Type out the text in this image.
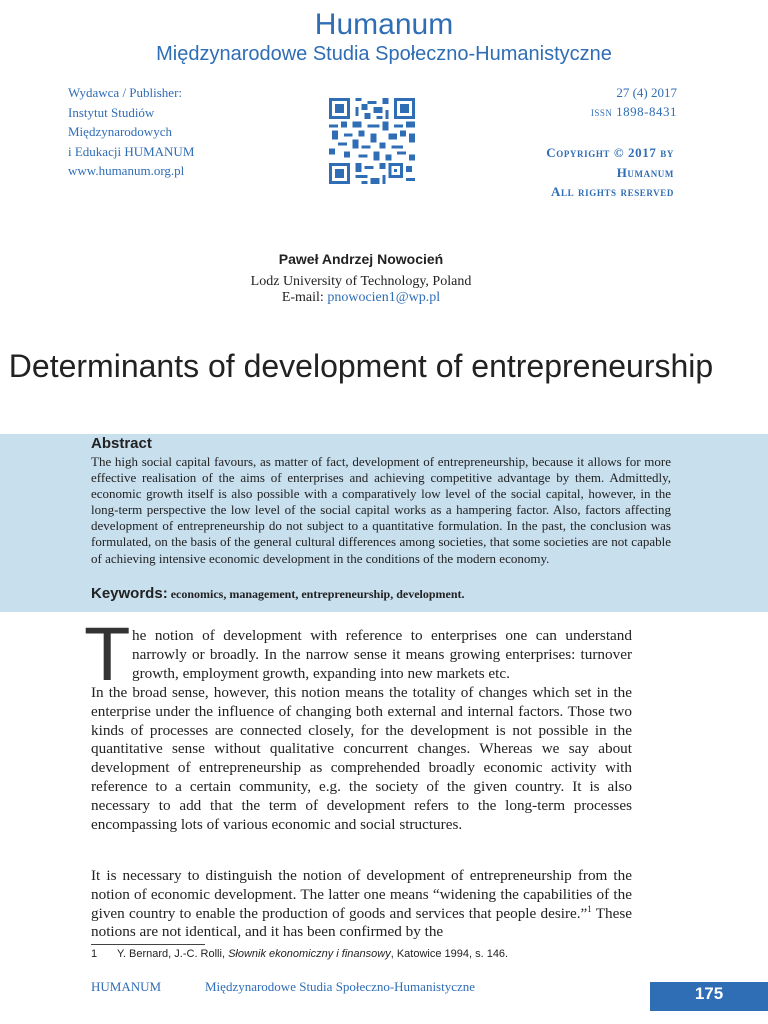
Humanum
Międzynarodowe Studia Społeczno-Humanistyczne
Wydawca / Publisher:
Instytut Studiów
Międzynarodowych
i Edukacji HUMANUM
www.humanum.org.pl
27 (4) 2017
issn 1898-8431
Copyright © 2017 by
Humanum
All rights reserved
Paweł Andrzej Nowocień
Lodz University of Technology, Poland
E-mail: pnowocien1@wp.pl
Determinants of development of entrepreneurship
Abstract
The high social capital favours, as matter of fact, development of entrepreneurship, because it allows for more effective realisation of the aims of enterprises and achieving competitive advantage by them. Admittedly, economic growth itself is also possible with a comparatively low level of the social capital, however, in the long-term perspective the low level of the social capital works as a hampering factor. Also, factors affecting development of entrepreneurship do not subject to a quantitative formulation. In the past, the conclusion was formulated, on the basis of the general cultural differences among societies, that some societies are not capable of achieving intensive economic development in the conditions of the modern economy.
Keywords: economics, management, entrepreneurship, development.
T he notion of development with reference to enterprises one can understand narrowly or broadly. In the narrow sense it means growing enterprises: turnover growth, employment growth, expanding into new markets etc.
In the broad sense, however, this notion means the totality of changes which set in the enterprise under the influence of changing both external and internal factors. Those two kinds of processes are connected closely, for the development is not possible in the quantitative sense without qualitative concurrent changes. Whereas we say about development of entrepreneurship as comprehended broadly economic activity with reference to a certain community, e.g. the society of the given country. It is also necessary to add that the term of development refers to the long-term processes encompassing lots of various economic and social structures.
It is necessary to distinguish the notion of development of entrepreneurship from the notion of economic development. The latter one means “widening the capabilities of the given country to enable the production of goods and services that people desire.”$^1$ These notions are not identical, and it has been confirmed by the
1 Y. Bernard, J.-C. Rolli, Słownik ekonomiczny i finansowy, Katowice 1994, s. 146.
HUMANUM	Międzynarodowe Studia Społeczno-Humanistyczne	175
